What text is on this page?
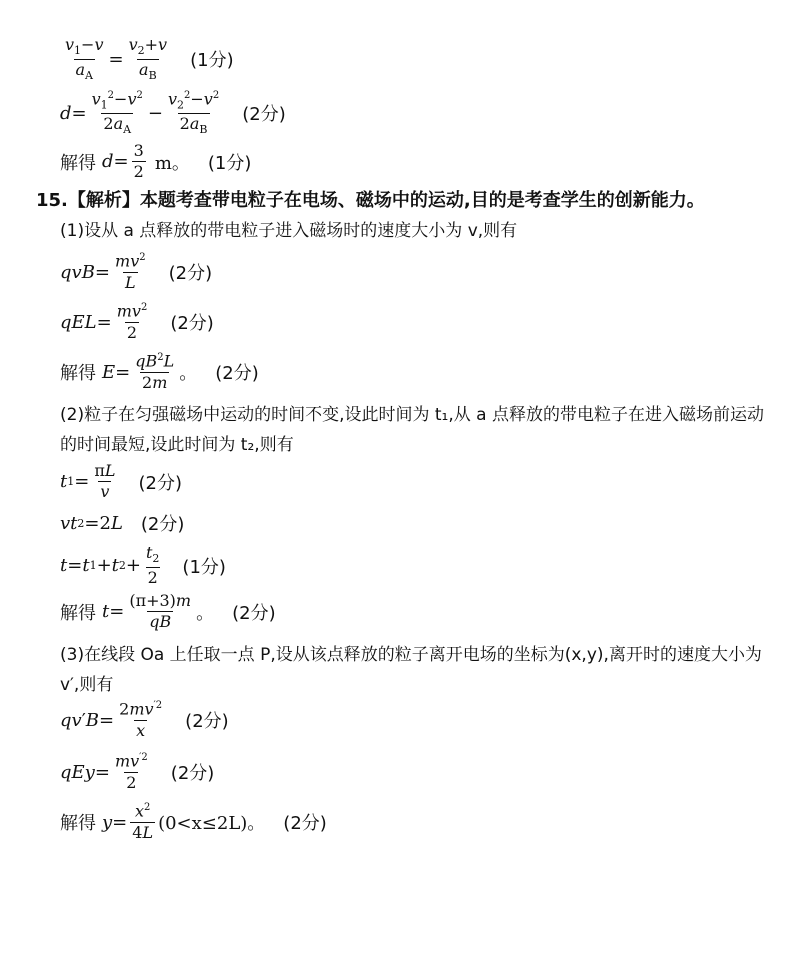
$\frac{v_1-v}{a_A} = \frac{v_2+v}{a_B} (1$分)
$d = \frac{v_1^2-v^2}{2a_A} - \frac{v_2^2-v^2}{2a_B} (2$分)
解得 $d = \frac{3}{2}$ m。 (1分)
15.【解析】本题考查带电粒子在电场、磁场中的运动,目的是考查学生的创新能力。
(1)设从 a 点释放的带电粒子进入磁场时的速度大小为 v,则有
qvB = $\frac{mv^2}{L} (2$分)
qEL = $\frac{mv^2}{2} (2$分)
解得 $E = \frac{qB^2L}{2m}$ 。 (2分)
(2)粒子在匀强磁场中运动的时间不变,设此时间为 t₁,从 a 点释放的带电粒子在进入磁场前运动的时间最短,设此时间为 t₂,则有
t $1 = \frac{\pi L}{v} (2$分)
vt 2 =2 L (2分)
t = t 1 + t $2 + \frac{t_2}{2} (1$分)
解得 $t = \frac{(\pi+3)m}{qB}$ 。 (2分)
(3)在线段 Oa 上任取一点 P,设从该点释放的粒子离开电场的坐标为(x,y),离开时的速度大小为 v′,则有
qv ′ $B = \frac{2mv^{'2}}{x} (2$分)
qEy = $\frac{mv^{'2}}{2} (2$分)
解得 $y = \frac{x^2}{4L} (0<x\le 2L)$。 (2分)
